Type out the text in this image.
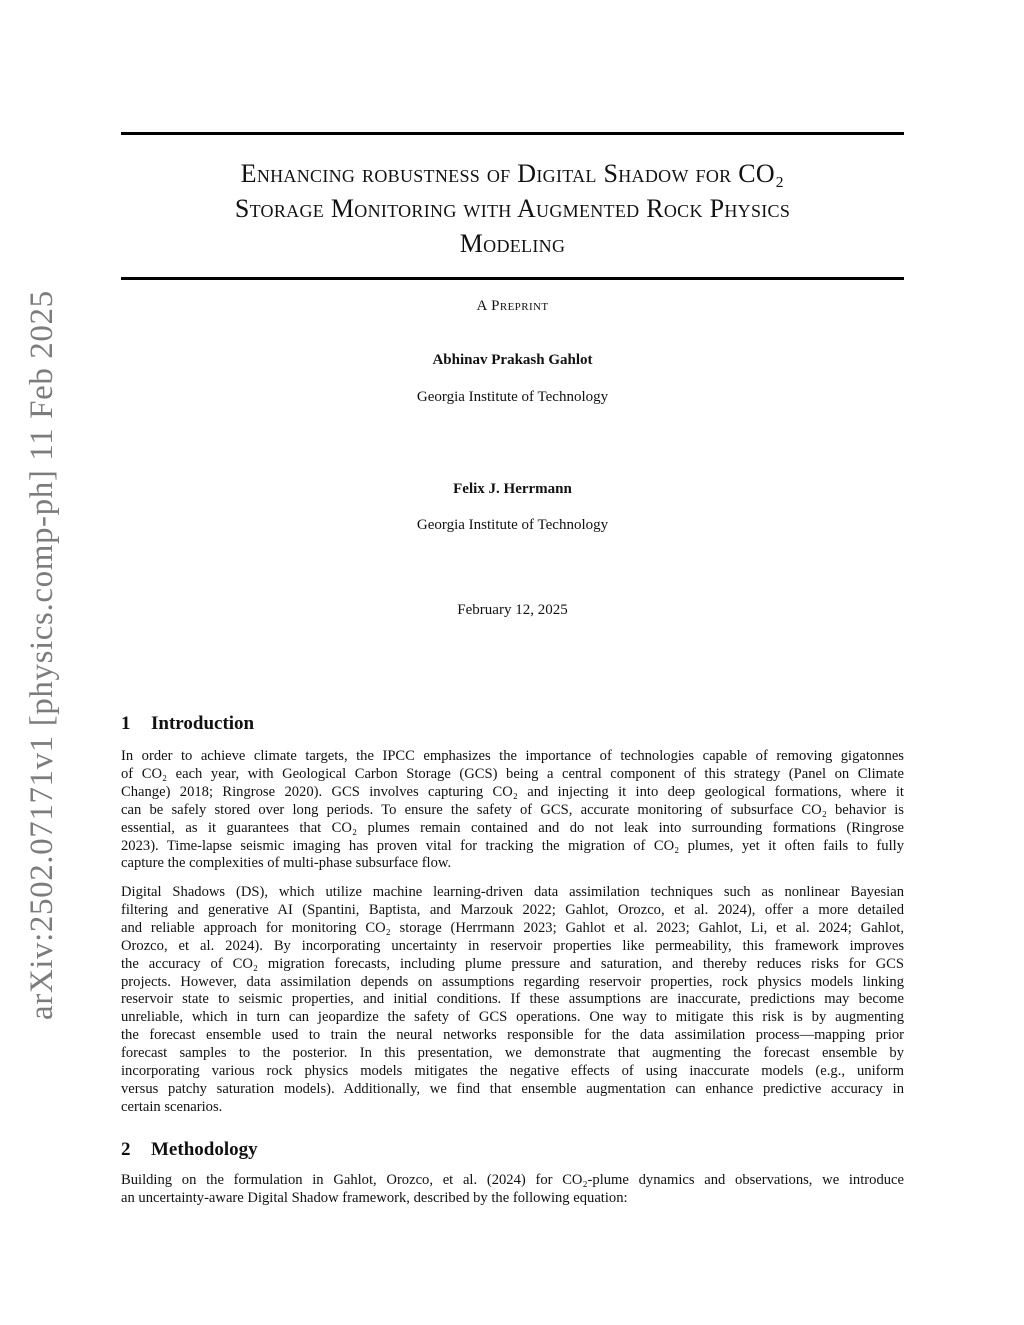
arXiv:2502.07171v1 [physics.comp-ph] 11 Feb 2025
Enhancing robustness of Digital Shadow for CO₂
Storage Monitoring with Augmented Rock Physics
Modeling
A Preprint
Abhinav Prakash Gahlot
Georgia Institute of Technology
Felix J. Herrmann
Georgia Institute of Technology
February 12, 2025
1 Introduction
In order to achieve climate targets, the IPCC emphasizes the importance of technologies capable of removing gigatonnes
of CO₂ each year, with Geological Carbon Storage (GCS) being a central component of this strategy (Panel on Climate
Change) 2018; Ringrose 2020). GCS involves capturing CO₂ and injecting it into deep geological formations, where it
can be safely stored over long periods. To ensure the safety of GCS, accurate monitoring of subsurface CO₂ behavior is
essential, as it guarantees that CO₂ plumes remain contained and do not leak into surrounding formations (Ringrose
2023). Time-lapse seismic imaging has proven vital for tracking the migration of CO₂ plumes, yet it often fails to fully
capture the complexities of multi-phase subsurface flow.
Digital Shadows (DS), which utilize machine learning-driven data assimilation techniques such as nonlinear Bayesian
filtering and generative AI (Spantini, Baptista, and Marzouk 2022; Gahlot, Orozco, et al. 2024), offer a more detailed
and reliable approach for monitoring CO₂ storage (Herrmann 2023; Gahlot et al. 2023; Gahlot, Li, et al. 2024; Gahlot,
Orozco, et al. 2024). By incorporating uncertainty in reservoir properties like permeability, this framework improves
the accuracy of CO₂ migration forecasts, including plume pressure and saturation, and thereby reduces risks for GCS
projects. However, data assimilation depends on assumptions regarding reservoir properties, rock physics models linking
reservoir state to seismic properties, and initial conditions. If these assumptions are inaccurate, predictions may become
unreliable, which in turn can jeopardize the safety of GCS operations. One way to mitigate this risk is by augmenting
the forecast ensemble used to train the neural networks responsible for the data assimilation process—mapping prior
forecast samples to the posterior. In this presentation, we demonstrate that augmenting the forecast ensemble by
incorporating various rock physics models mitigates the negative effects of using inaccurate models (e.g., uniform
versus patchy saturation models). Additionally, we find that ensemble augmentation can enhance predictive accuracy in
certain scenarios.
2 Methodology
Building on the formulation in Gahlot, Orozco, et al. (2024) for CO₂-plume dynamics and observations, we introduce
an uncertainty-aware Digital Shadow framework, described by the following equation:
